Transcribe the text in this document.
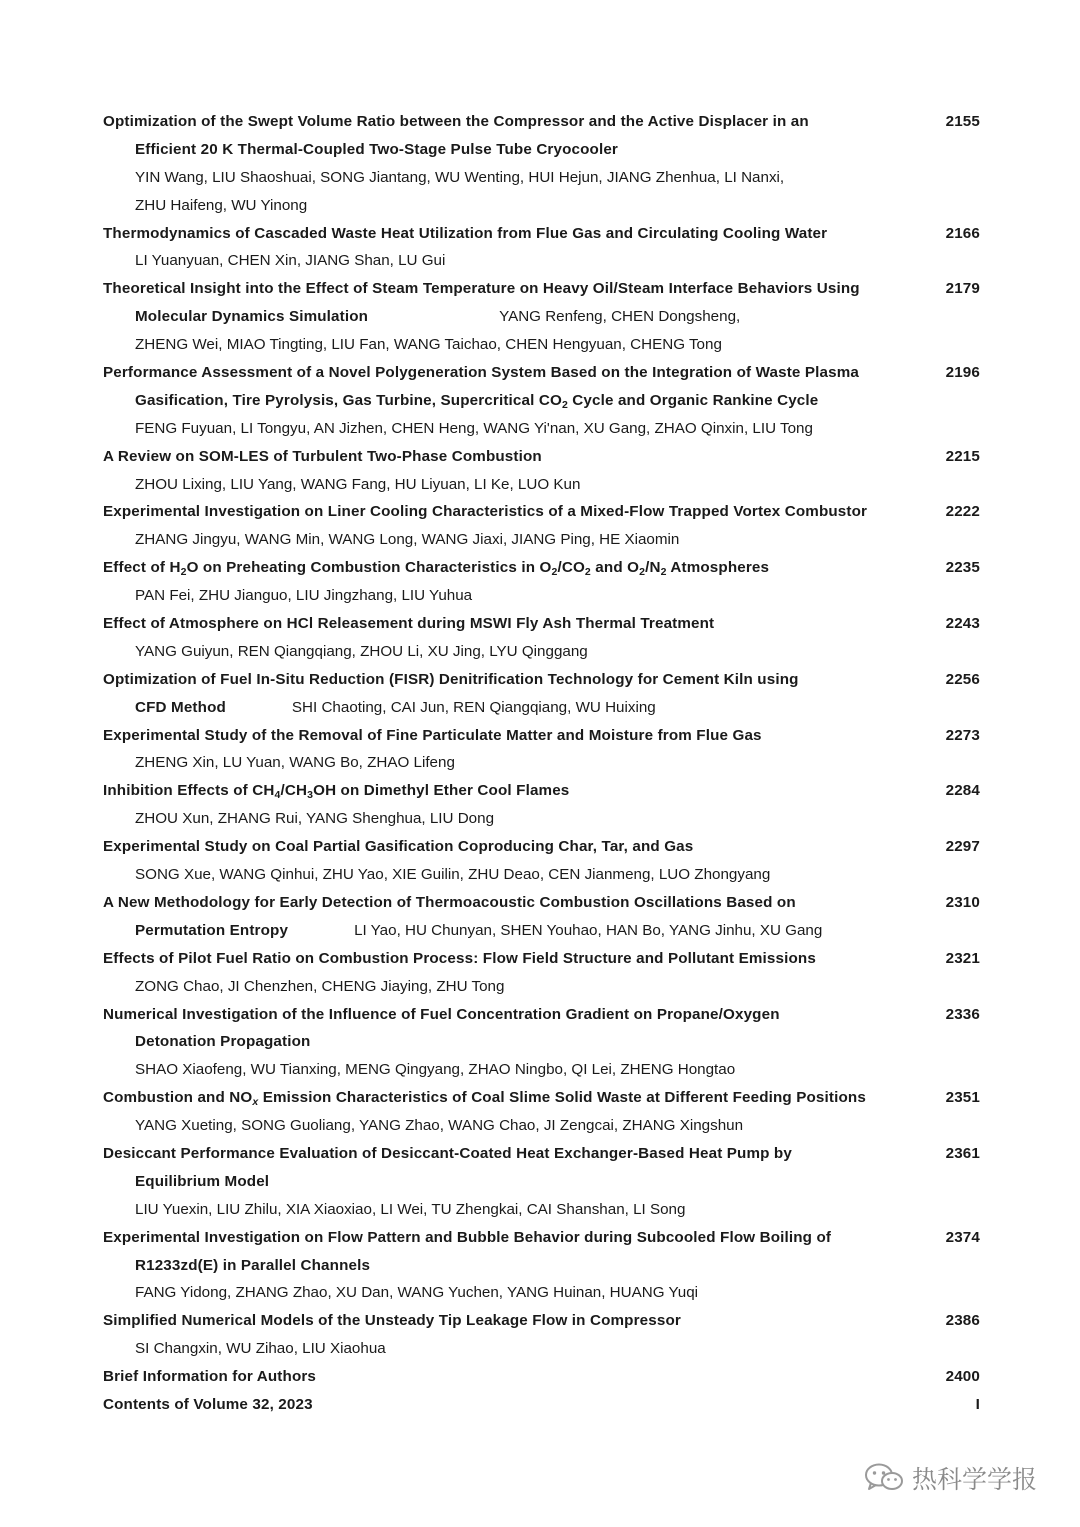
Optimization of the Swept Volume Ratio between the Compressor and the Active Displacer in an	2155
Efficient 20 K Thermal-Coupled Two-Stage Pulse Tube Cryocooler
YIN Wang, LIU Shaoshuai, SONG Jiantang, WU Wenting, HUI Hejun, JIANG Zhenhua, LI Nanxi,
ZHU Haifeng, WU Yinong
Thermodynamics of Cascaded Waste Heat Utilization from Flue Gas and Circulating Cooling Water	2166
LI Yuanyuan, CHEN Xin, JIANG Shan, LU Gui
Theoretical Insight into the Effect of Steam Temperature on Heavy Oil/Steam Interface Behaviors Using	2179
Molecular Dynamics Simulation	YANG Renfeng, CHEN Dongsheng,
ZHENG Wei, MIAO Tingting, LIU Fan, WANG Taichao, CHEN Hengyuan, CHENG Tong
Performance Assessment of a Novel Polygeneration System Based on the Integration of Waste Plasma	2196
Gasification, Tire Pyrolysis, Gas Turbine, Supercritical $CO_2$ Cycle and Organic Rankine Cycle
FENG Fuyuan, LI Tongyu, AN Jizhen, CHEN Heng, WANG Yi'nan, XU Gang, ZHAO Qinxin, LIU Tong
A Review on SOM-LES of Turbulent Two-Phase Combustion	2215
ZHOU Lixing, LIU Yang, WANG Fang, HU Liyuan, LI Ke, LUO Kun
Experimental Investigation on Liner Cooling Characteristics of a Mixed-Flow Trapped Vortex Combustor	2222
ZHANG Jingyu, WANG Min, WANG Long, WANG Jiaxi, JIANG Ping, HE Xiaomin
Effect of $H_2O$ on Preheating Combustion Characteristics in $O_2/CO_2$ and $O_2/N_2$ Atmospheres	2235
PAN Fei, ZHU Jianguo, LIU Jingzhang, LIU Yuhua
Effect of Atmosphere on HCl Releasement during MSWI Fly Ash Thermal Treatment	2243
YANG Guiyun, REN Qiangqiang, ZHOU Li, XU Jing, LYU Qinggang
Optimization of Fuel In-Situ Reduction (FISR) Denitrification Technology for Cement Kiln using	2256
CFD Method	SHI Chaoting, CAI Jun, REN Qiangqiang, WU Huixing
Experimental Study of the Removal of Fine Particulate Matter and Moisture from Flue Gas	2273
ZHENG Xin, LU Yuan, WANG Bo, ZHAO Lifeng
Inhibition Effects of $CH_4/CH_3OH$ on Dimethyl Ether Cool Flames	2284
ZHOU Xun, ZHANG Rui, YANG Shenghua, LIU Dong
Experimental Study on Coal Partial Gasification Coproducing Char, Tar, and Gas	2297
SONG Xue, WANG Qinhui, ZHU Yao, XIE Guilin, ZHU Deao, CEN Jianmeng, LUO Zhongyang
A New Methodology for Early Detection of Thermoacoustic Combustion Oscillations Based on	2310
Permutation Entropy	LI Yao, HU Chunyan, SHEN Youhao, HAN Bo, YANG Jinhu, XU Gang
Effects of Pilot Fuel Ratio on Combustion Process: Flow Field Structure and Pollutant Emissions	2321
ZONG Chao, JI Chenzhen, CHENG Jiaying, ZHU Tong
Numerical Investigation of the Influence of Fuel Concentration Gradient on Propane/Oxygen	2336
Detonation Propagation
SHAO Xiaofeng, WU Tianxing, MENG Qingyang, ZHAO Ningbo, QI Lei, ZHENG Hongtao
Combustion and $NO_x$ Emission Characteristics of Coal Slime Solid Waste at Different Feeding Positions	2351
YANG Xueting, SONG Guoliang, YANG Zhao, WANG Chao, JI Zengcai, ZHANG Xingshun
Desiccant Performance Evaluation of Desiccant-Coated Heat Exchanger-Based Heat Pump by	2361
Equilibrium Model
LIU Yuexin, LIU Zhilu, XIA Xiaoxiao, LI Wei, TU Zhengkai, CAI Shanshan, LI Song
Experimental Investigation on Flow Pattern and Bubble Behavior during Subcooled Flow Boiling of	2374
R1233zd(E) in Parallel Channels
FANG Yidong, ZHANG Zhao, XU Dan, WANG Yuchen, YANG Huinan, HUANG Yuqi
Simplified Numerical Models of the Unsteady Tip Leakage Flow in Compressor	2386
SI Changxin, WU Zihao, LIU Xiaohua
Brief Information for Authors	2400
Contents of Volume 32, 2023	I
热科学学报
